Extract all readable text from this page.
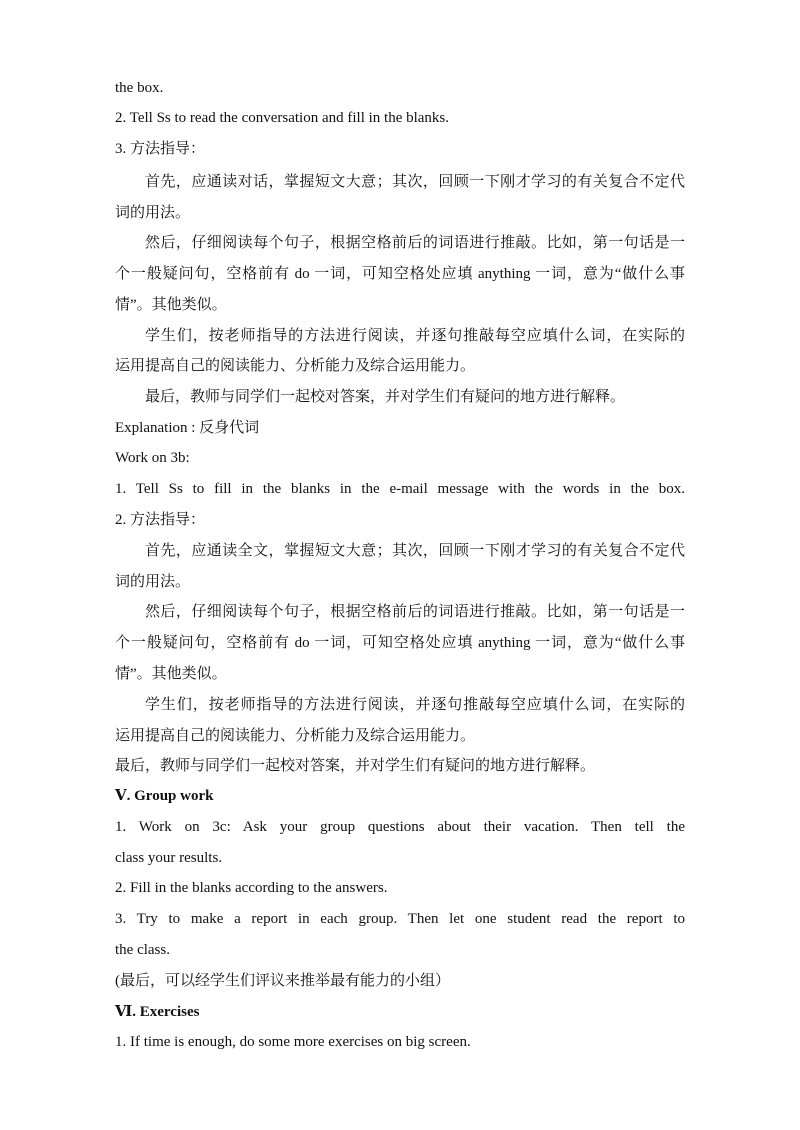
the box.

2. Tell Ss to read the conversation and fill in the blanks.

3. 方法指导：

首先，应通读对话，掌握短文大意；其次，回顾一下刚才学习的有关复合不定代

词的用法。

然后，仔细阅读每个句子，根据空格前后的词语进行推敲。比如，第一句话是一

个一般疑问句，空格前有 do 一词，可知空格处应填 anything 一词，意为“做什么事

情”。其他类似。

学生们，按老师指导的方法进行阅读，并逐句推敲每空应填什么词，在实际的

运用提高自己的阅读能力、分析能力及综合运用能力。

最后，教师与同学们一起校对答案，并对学生们有疑问的地方进行解释。

Explanation : 反身代词

Work on 3b:

1. Tell Ss to fill in the blanks in the e-mail message with the words in the box.

2. 方法指导：

首先，应通读全文，掌握短文大意；其次，回顾一下刚才学习的有关复合不定代

词的用法。

然后，仔细阅读每个句子，根据空格前后的词语进行推敲。比如，第一句话是一

个一般疑问句，空格前有 do 一词，可知空格处应填 anything 一词，意为“做什么事

情”。其他类似。

学生们，按老师指导的方法进行阅读，并逐句推敲每空应填什么词，在实际的

运用提高自己的阅读能力、分析能力及综合运用能力。

最后，教师与同学们一起校对答案，并对学生们有疑问的地方进行解释。

Ⅴ. Group work

1. Work on 3c: Ask your group questions about their vacation. Then tell the

class your results.

2. Fill in the blanks according to the answers.

3. Try to make a report in each group. Then let one student read the report to

the class.

(最后，可以经学生们评议来推举最有能力的小组）

Ⅵ. Exercises

1. If time is enough, do some more exercises on big screen.
